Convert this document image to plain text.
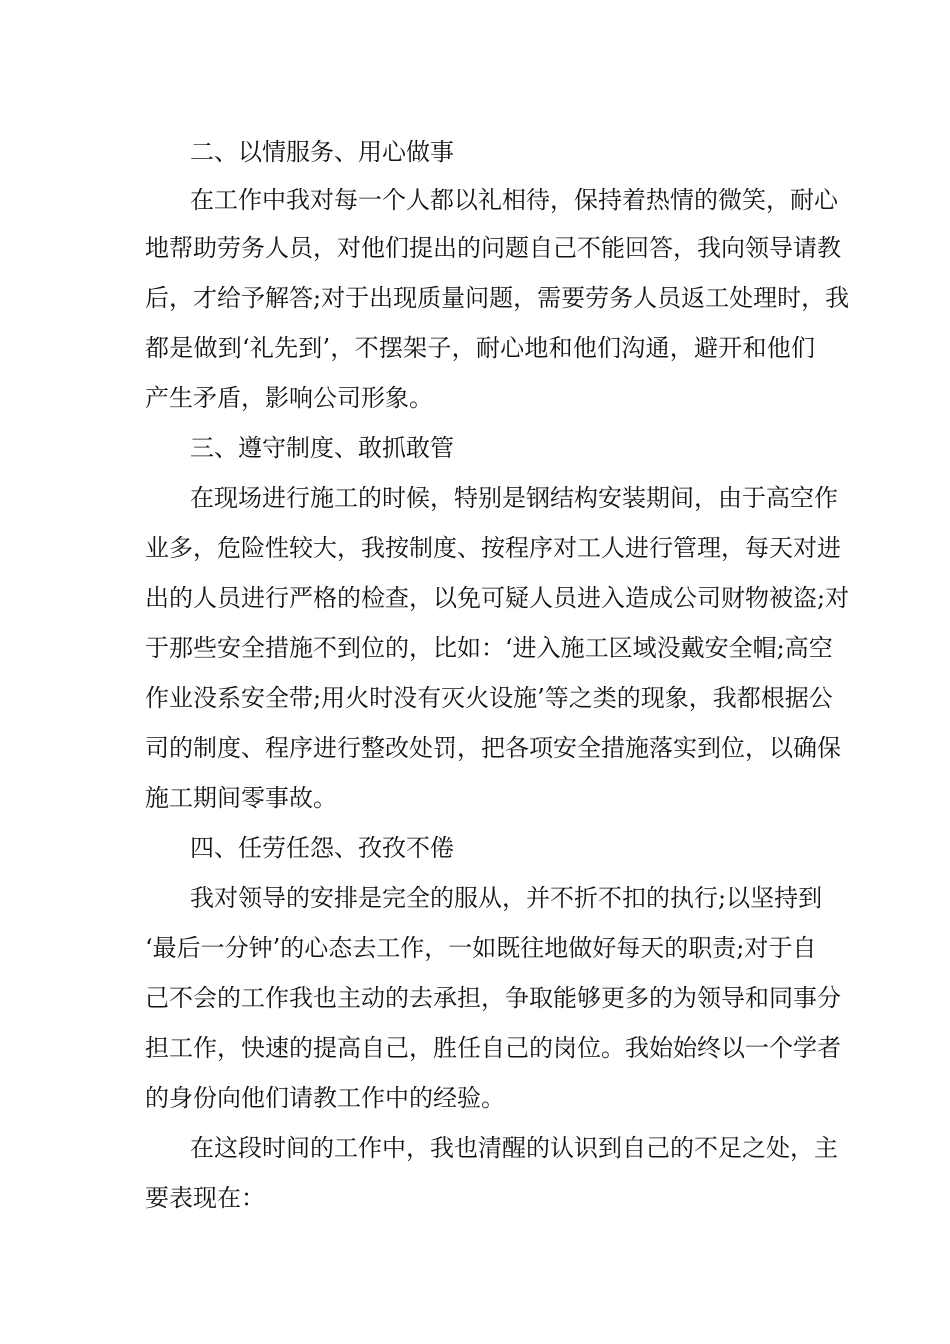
二、以情服务、用心做事
在工作中我对每一个人都以礼相待，保持着热情的微笑，耐心
地帮助劳务人员，对他们提出的问题自己不能回答，我向领导请教
后，才给予解答;对于出现质量问题，需要劳务人员返工处理时，我
都是做到‘礼先到’，不摆架子，耐心地和他们沟通，避开和他们
产生矛盾，影响公司形象。
三、遵守制度、敢抓敢管
在现场进行施工的时候，特别是钢结构安装期间，由于高空作
业多，危险性较大，我按制度、按程序对工人进行管理，每天对进
出的人员进行严格的检查，以免可疑人员进入造成公司财物被盗;对
于那些安全措施不到位的，比如：‘进入施工区域没戴安全帽;高空
作业没系安全带;用火时没有灭火设施’等之类的现象，我都根据公
司的制度、程序进行整改处罚，把各项安全措施落实到位，以确保
施工期间零事故。
四、任劳任怨、孜孜不倦
我对领导的安排是完全的服从，并不折不扣的执行;以坚持到
‘最后一分钟’的心态去工作，一如既往地做好每天的职责;对于自
己不会的工作我也主动的去承担，争取能够更多的为领导和同事分
担工作，快速的提高自己，胜任自己的岗位。我始始终以一个学者
的身份向他们请教工作中的经验。
在这段时间的工作中，我也清醒的认识到自己的不足之处，主
要表现在：
